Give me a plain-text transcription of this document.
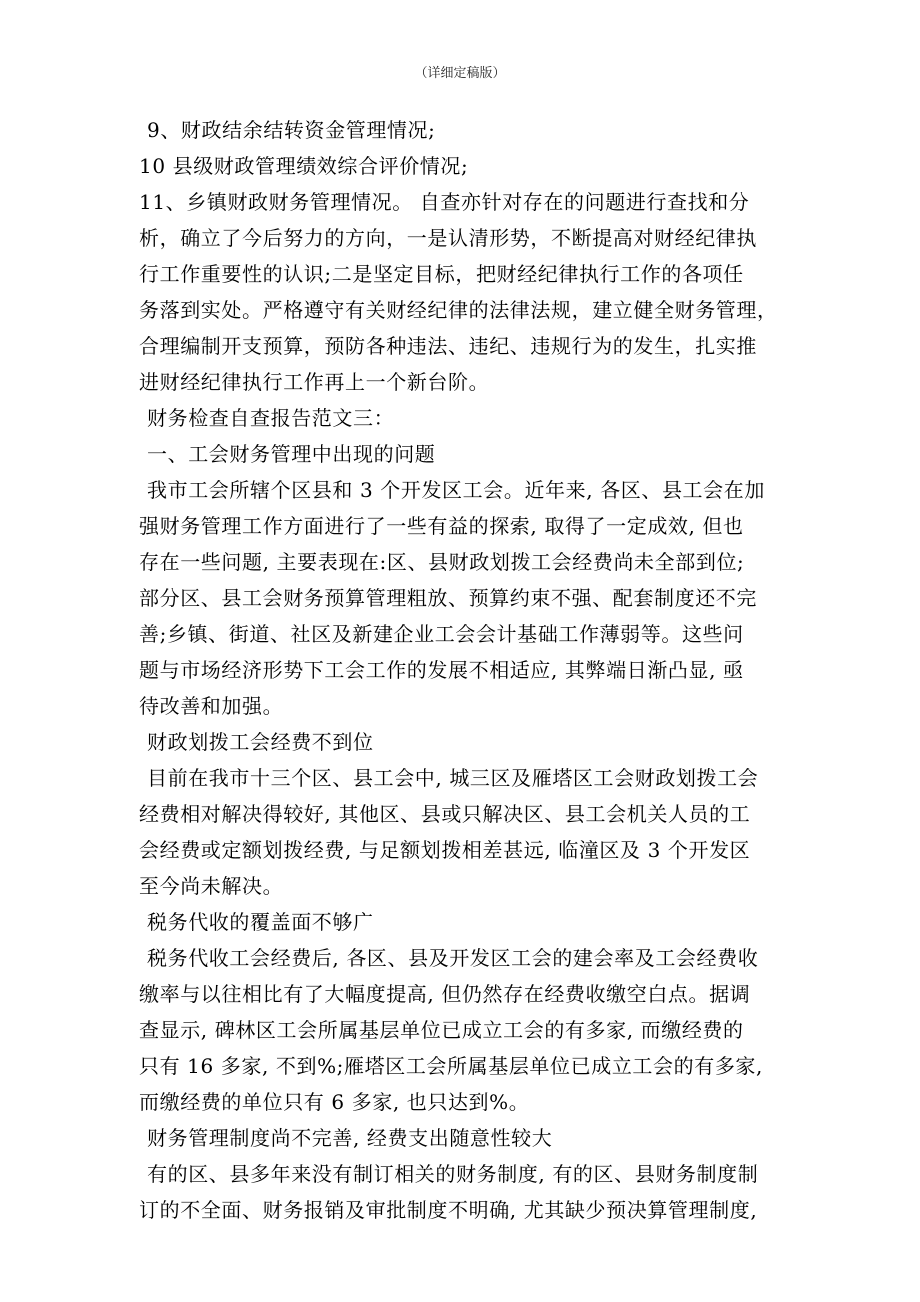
（详细定稿版）
9、财政结余结转资金管理情况;
10 县级财政管理绩效综合评价情况;
11、乡镇财政财务管理情况。 自查亦针对存在的问题进行查找和分
析，确立了今后努力的方向，一是认清形势，不断提高对财经纪律执
行工作重要性的认识;二是坚定目标，把财经纪律执行工作的各项任
务落到实处。严格遵守有关财经纪律的法律法规，建立健全财务管理，
合理编制开支预算，预防各种违法、违纪、违规行为的发生，扎实推
进财经纪律执行工作再上一个新台阶。
财务检查自查报告范文三：
一、工会财务管理中出现的问题
我市工会所辖个区县和 3 个开发区工会。近年来, 各区、县工会在加
强财务管理工作方面进行了一些有益的探索, 取得了一定成效, 但也
存在一些问题, 主要表现在:区、县财政划拨工会经费尚未全部到位;
部分区、县工会财务预算管理粗放、预算约束不强、配套制度还不完
善;乡镇、街道、社区及新建企业工会会计基础工作薄弱等。这些问
题与市场经济形势下工会工作的发展不相适应, 其弊端日渐凸显, 亟
待改善和加强。
财政划拨工会经费不到位
目前在我市十三个区、县工会中, 城三区及雁塔区工会财政划拨工会
经费相对解决得较好, 其他区、县或只解决区、县工会机关人员的工
会经费或定额划拨经费, 与足额划拨相差甚远, 临潼区及 3 个开发区
至今尚未解决。
税务代收的覆盖面不够广
税务代收工会经费后, 各区、县及开发区工会的建会率及工会经费收
缴率与以往相比有了大幅度提高, 但仍然存在经费收缴空白点。据调
查显示, 碑林区工会所属基层单位已成立工会的有多家, 而缴经费的
只有 16 多家, 不到%;雁塔区工会所属基层单位已成立工会的有多家,
而缴经费的单位只有 6 多家, 也只达到%。
财务管理制度尚不完善, 经费支出随意性较大
有的区、县多年来没有制订相关的财务制度, 有的区、县财务制度制
订的不全面、财务报销及审批制度不明确, 尤其缺少预决算管理制度,
